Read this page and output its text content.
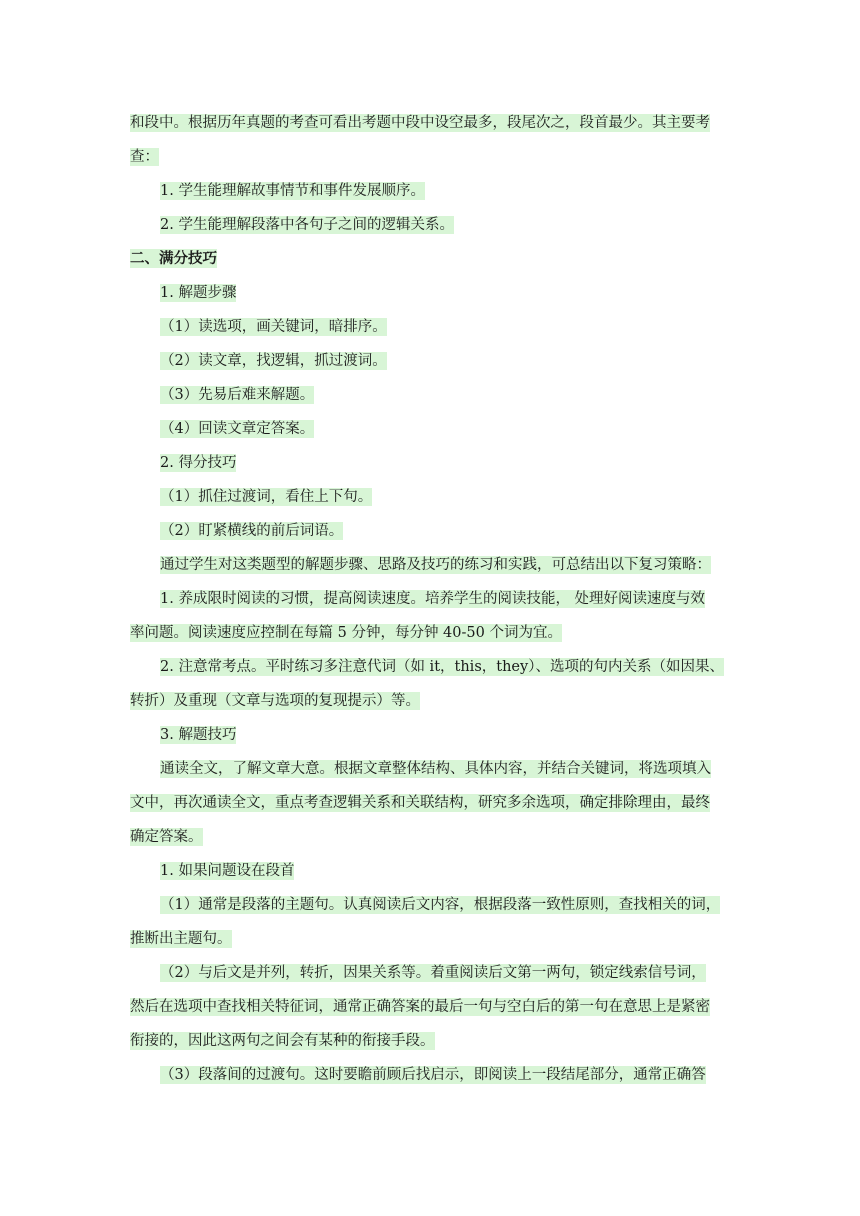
和段中。根据历年真题的考查可看出考题中段中设空最多，段尾次之，段首最少。其主要考
查：
1. 学生能理解故事情节和事件发展顺序。
2. 学生能理解段落中各句子之间的逻辑关系。
二、满分技巧
1. 解题步骤
（1）读选项，画关键词，暗排序。
（2）读文章，找逻辑，抓过渡词。
（3）先易后难来解题。
（4）回读文章定答案。
2. 得分技巧
（1）抓住过渡词，看住上下句。
（2）盯紧横线的前后词语。
通过学生对这类题型的解题步骤、思路及技巧的练习和实践，可总结出以下复习策略：
1. 养成限时阅读的习惯，提高阅读速度。培养学生的阅读技能， 处理好阅读速度与效
率问题。阅读速度应控制在每篇 5 分钟，每分钟 40-50 个词为宜。
2. 注意常考点。平时练习多注意代词（如 it，this，they）、选项的句内关系（如因果、
转折）及重现（文章与选项的复现提示）等。
3. 解题技巧
通读全文，了解文章大意。根据文章整体结构、具体内容，并结合关键词，将选项填入
文中，再次通读全文，重点考查逻辑关系和关联结构，研究多余选项，确定排除理由，最终
确定答案。
1. 如果问题设在段首
（1）通常是段落的主题句。认真阅读后文内容，根据段落一致性原则，查找相关的词，
推断出主题句。
（2）与后文是并列，转折，因果关系等。着重阅读后文第一两句，锁定线索信号词，
然后在选项中查找相关特征词，通常正确答案的最后一句与空白后的第一句在意思上是紧密
衔接的，因此这两句之间会有某种的衔接手段。
（3）段落间的过渡句。这时要瞻前顾后找启示，即阅读上一段结尾部分，通常正确答
